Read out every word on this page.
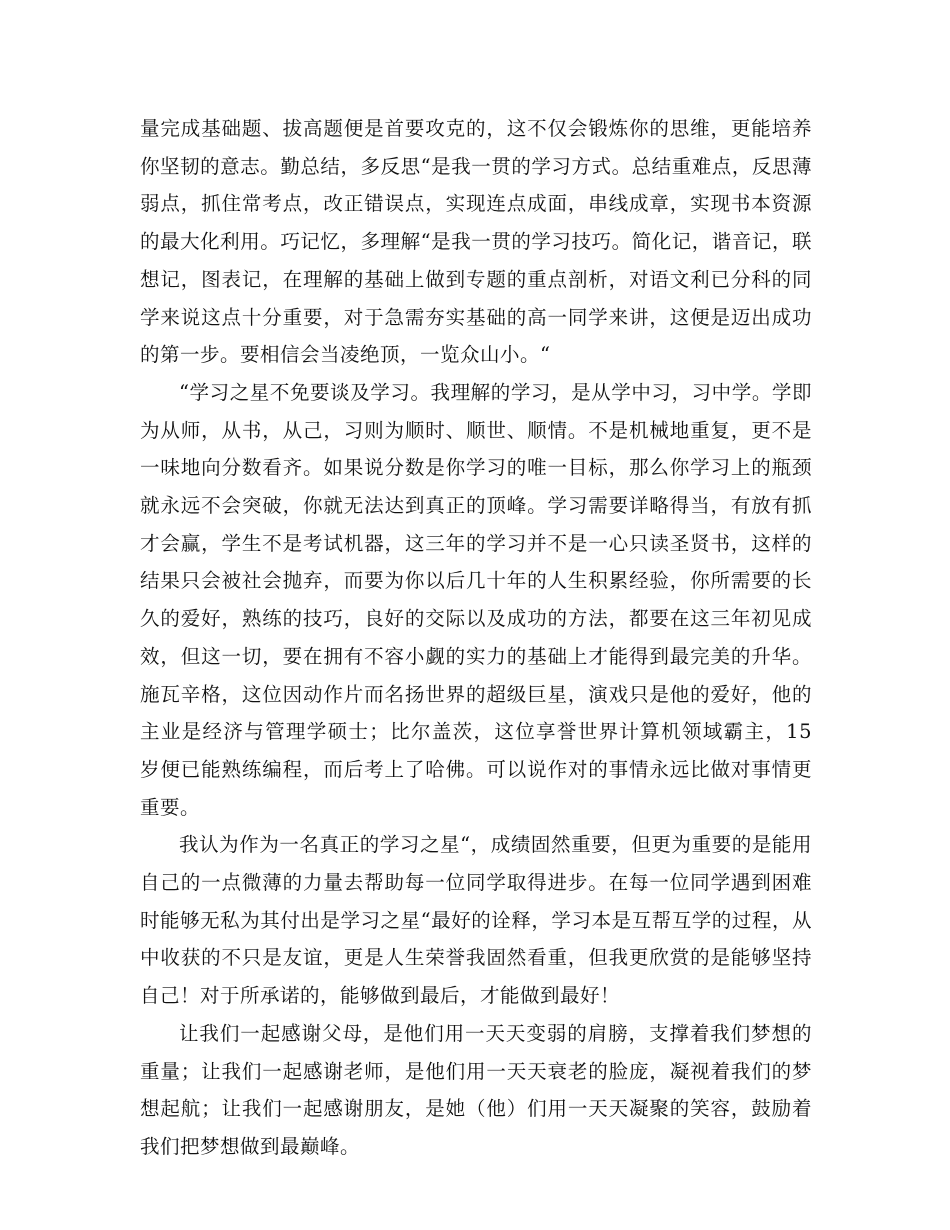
量完成基础题、拔高题便是首要攻克的，这不仅会锻炼你的思维，更能培养你坚韧的意志。勤总结，多反思“是我一贯的学习方式。总结重难点，反思薄弱点，抓住常考点，改正错误点，实现连点成面，串线成章，实现书本资源的最大化利用。巧记忆，多理解“是我一贯的学习技巧。简化记，谐音记，联想记，图表记，在理解的基础上做到专题的重点剖析，对语文利已分科的同学来说这点十分重要，对于急需夯实基础的高一同学来讲，这便是迈出成功的第一步。要相信会当凌绝顶，一览众山小。“

“学习之星不免要谈及学习。我理解的学习，是从学中习，习中学。学即为从师，从书，从己，习则为顺时、顺世、顺情。不是机械地重复，更不是一味地向分数看齐。如果说分数是你学习的唯一目标，那么你学习上的瓶颈就永远不会突破，你就无法达到真正的顶峰。学习需要详略得当，有放有抓才会赢，学生不是考试机器，这三年的学习并不是一心只读圣贤书，这样的结果只会被社会抛弃，而要为你以后几十年的人生积累经验，你所需要的长久的爱好，熟练的技巧，良好的交际以及成功的方法，都要在这三年初见成效，但这一切，要在拥有不容小觑的实力的基础上才能得到最完美的升华。施瓦辛格，这位因动作片而名扬世界的超级巨星，演戏只是他的爱好，他的主业是经济与管理学硕士；比尔盖茨，这位享誉世界计算机领域霸主，15 岁便已能熟练编程，而后考上了哈佛。可以说作对的事情永远比做对事情更重要。

我认为作为一名真正的学习之星“，成绩固然重要，但更为重要的是能用自己的一点微薄的力量去帮助每一位同学取得进步。在每一位同学遇到困难时能够无私为其付出是学习之星“最好的诠释，学习本是互帮互学的过程，从中收获的不只是友谊，更是人生荣誉我固然看重，但我更欣赏的是能够坚持自己！对于所承诺的，能够做到最后，才能做到最好！

让我们一起感谢父母，是他们用一天天变弱的肩膀，支撑着我们梦想的重量；让我们一起感谢老师，是他们用一天天衰老的脸庞，凝视着我们的梦想起航；让我们一起感谢朋友，是她（他）们用一天天凝聚的笑容，鼓励着我们把梦想做到最巅峰。
